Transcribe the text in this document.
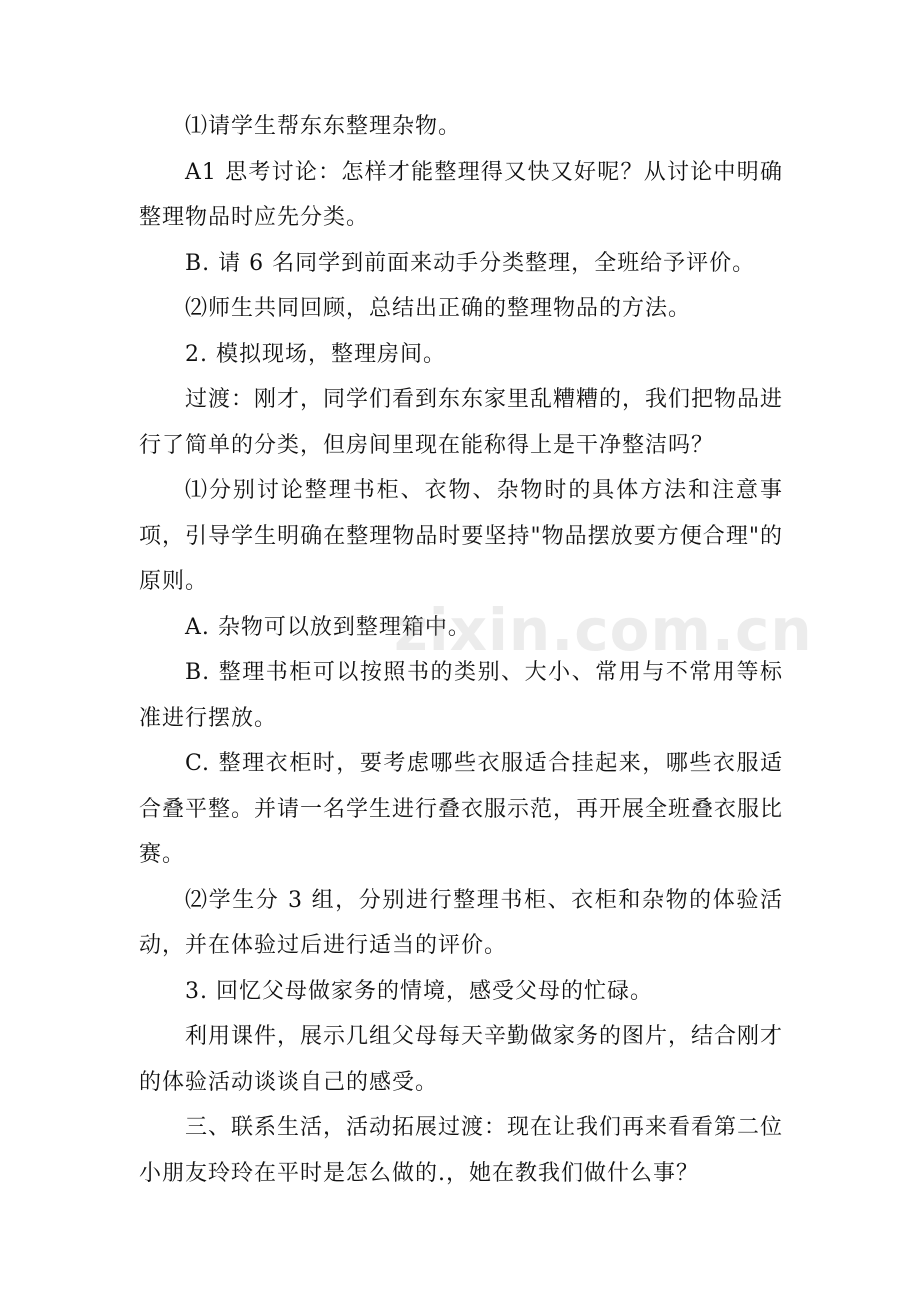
⑴请学生帮东东整理杂物。

A1 思考讨论：怎样才能整理得又快又好呢？从讨论中明确整理物品时应先分类。

B. 请 6 名同学到前面来动手分类整理，全班给予评价。

⑵师生共同回顾，总结出正确的整理物品的方法。

2. 模拟现场，整理房间。

过渡：刚才，同学们看到东东家里乱糟糟的，我们把物品进行了简单的分类，但房间里现在能称得上是干净整洁吗？

⑴分别讨论整理书柜、衣物、杂物时的具体方法和注意事项，引导学生明确在整理物品时要坚持"物品摆放要方便合理"的原则。

A. 杂物可以放到整理箱中。

B. 整理书柜可以按照书的类别、大小、常用与不常用等标准进行摆放。

C. 整理衣柜时，要考虑哪些衣服适合挂起来，哪些衣服适合叠平整。并请一名学生进行叠衣服示范，再开展全班叠衣服比赛。

⑵学生分 3 组，分别进行整理书柜、衣柜和杂物的体验活动，并在体验过后进行适当的评价。

3. 回忆父母做家务的情境，感受父母的忙碌。

利用课件，展示几组父母每天辛勤做家务的图片，结合刚才的体验活动谈谈自己的感受。

三、联系生活，活动拓展过渡：现在让我们再来看看第二位小朋友玲玲在平时是怎么做的.，她在教我们做什么事？

zixin.com.cn
